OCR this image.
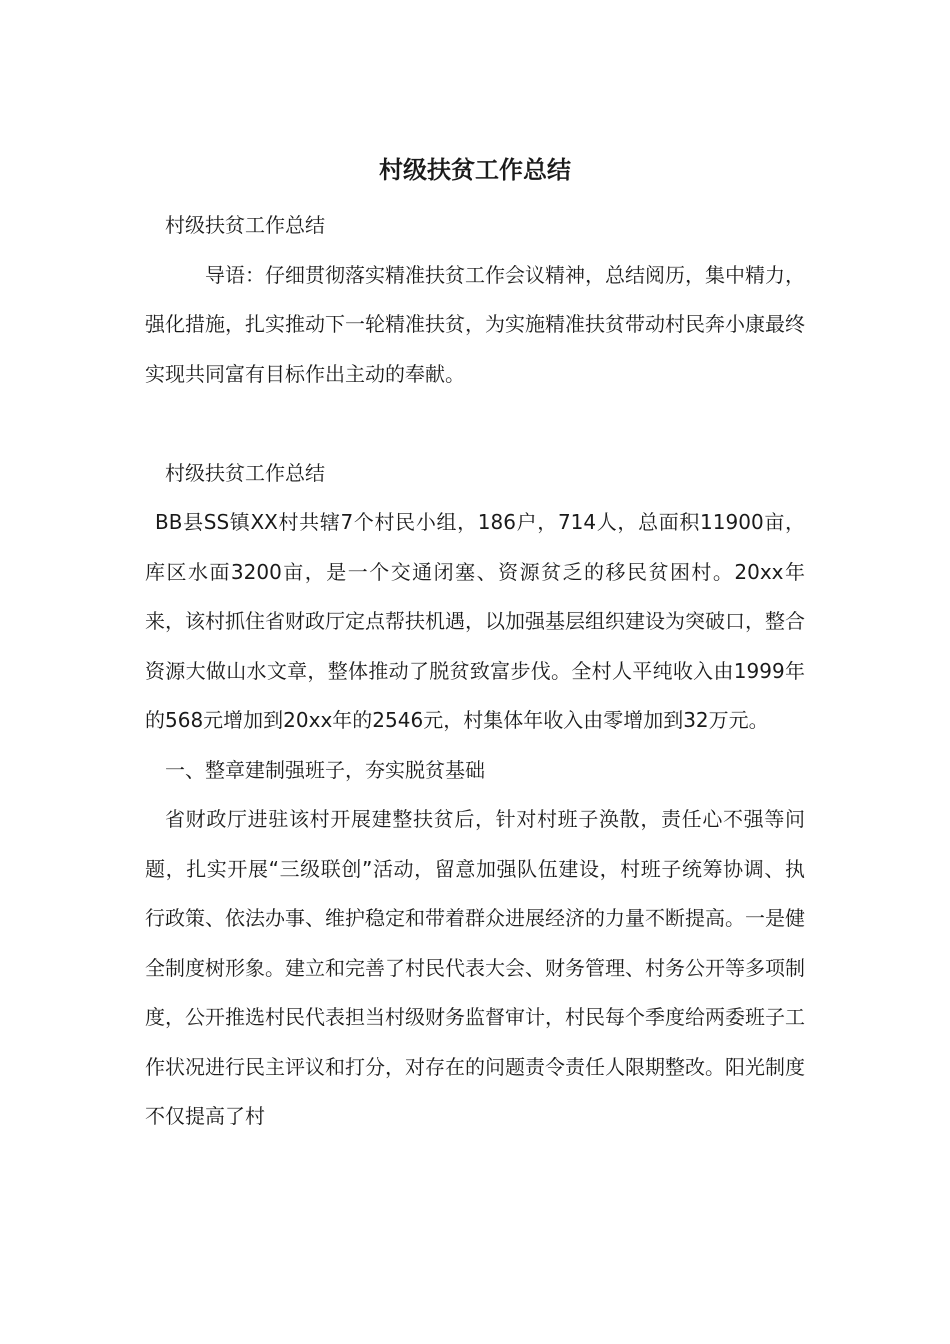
村级扶贫工作总结

村级扶贫工作总结

导语：仔细贯彻落实精准扶贫工作会议精神，总结阅历，集中精力，强化措施，扎实推动下一轮精准扶贫，为实施精准扶贫带动村民奔小康最终实现共同富有目标作出主动的奉献。

村级扶贫工作总结

BB县SS镇XX村共辖7个村民小组，186户，714人，总面积11900亩，库区水面3200亩，是一个交通闭塞、资源贫乏的移民贫困村。20xx年来，该村抓住省财政厅定点帮扶机遇，以加强基层组织建设为突破口，整合资源大做山水文章，整体推动了脱贫致富步伐。全村人平纯收入由1999年的568元增加到20xx年的2546元，村集体年收入由零增加到32万元。

一、整章建制强班子，夯实脱贫基础

省财政厅进驻该村开展建整扶贫后，针对村班子涣散，责任心不强等问题，扎实开展“三级联创”活动，留意加强队伍建设，村班子统筹协调、执行政策、依法办事、维护稳定和带着群众进展经济的力量不断提高。一是健全制度树形象。建立和完善了村民代表大会、财务管理、村务公开等多项制度，公开推选村民代表担当村级财务监督审计，村民每个季度给两委班子工作状况进行民主评议和打分，对存在的问题责令责任人限期整改。阳光制度不仅提高了村
